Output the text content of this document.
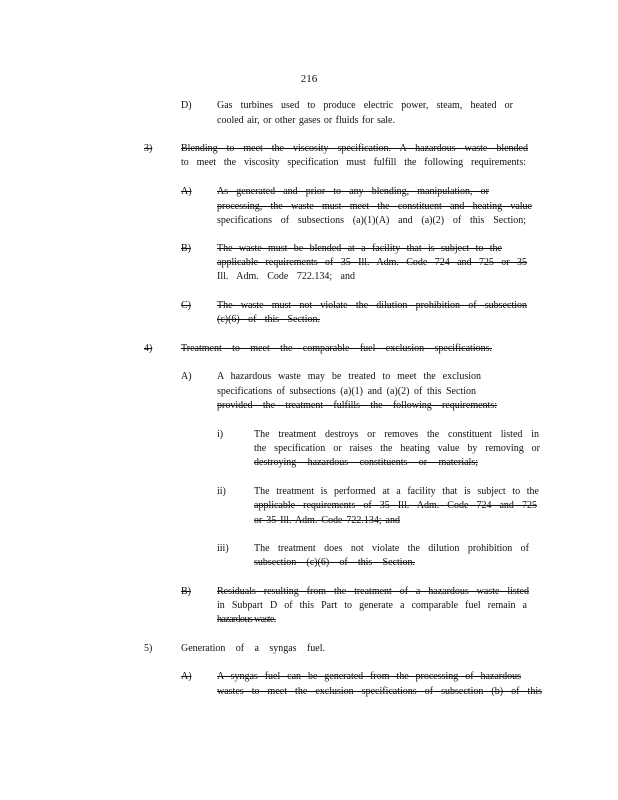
216
D)	Gas turbines used to produce electric power, steam, heated or
cooled air, or other gases or fluids for sale.
3)	Blending to meet the viscosity specification. A hazardous waste blended
to meet the viscosity specification must fulfill the following requirements:
A)	As generated and prior to any blending, manipulation, or
processing, the waste must meet the constituent and heating value
specifications of subsections (a)(1)(A) and (a)(2) of this Section;
B)	The waste must be blended at a facility that is subject to the
applicable requirements of 35 Ill. Adm. Code 724 and 725 or 35
Ill. Adm. Code 722.134; and
C)	The waste must not violate the dilution prohibition of subsection
(c)(6) of this Section.
4)	Treatment to meet the comparable fuel exclusion specifications.
A)	A hazardous waste may be treated to meet the exclusion
specifications of subsections (a)(1) and (a)(2) of this Section
provided the treatment fulfills the following requirements:
i)	The treatment destroys or removes the constituent listed in
the specification or raises the heating value by removing or
destroying hazardous constituents or materials;
ii)	The treatment is performed at a facility that is subject to the
applicable requirements of 35 Ill. Adm. Code 724 and 725
or 35 Ill. Adm. Code 722.134; and
iii)	The treatment does not violate the dilution prohibition of
subsection (c)(6) of this Section.
B)	Residuals resulting from the treatment of a hazardous waste listed
in Subpart D of this Part to generate a comparable fuel remain a
hazardous waste.
5)	Generation of a syngas fuel.
A)	A syngas fuel can be generated from the processing of hazardous
wastes to meet the exclusion specifications of subsection (b) of this
